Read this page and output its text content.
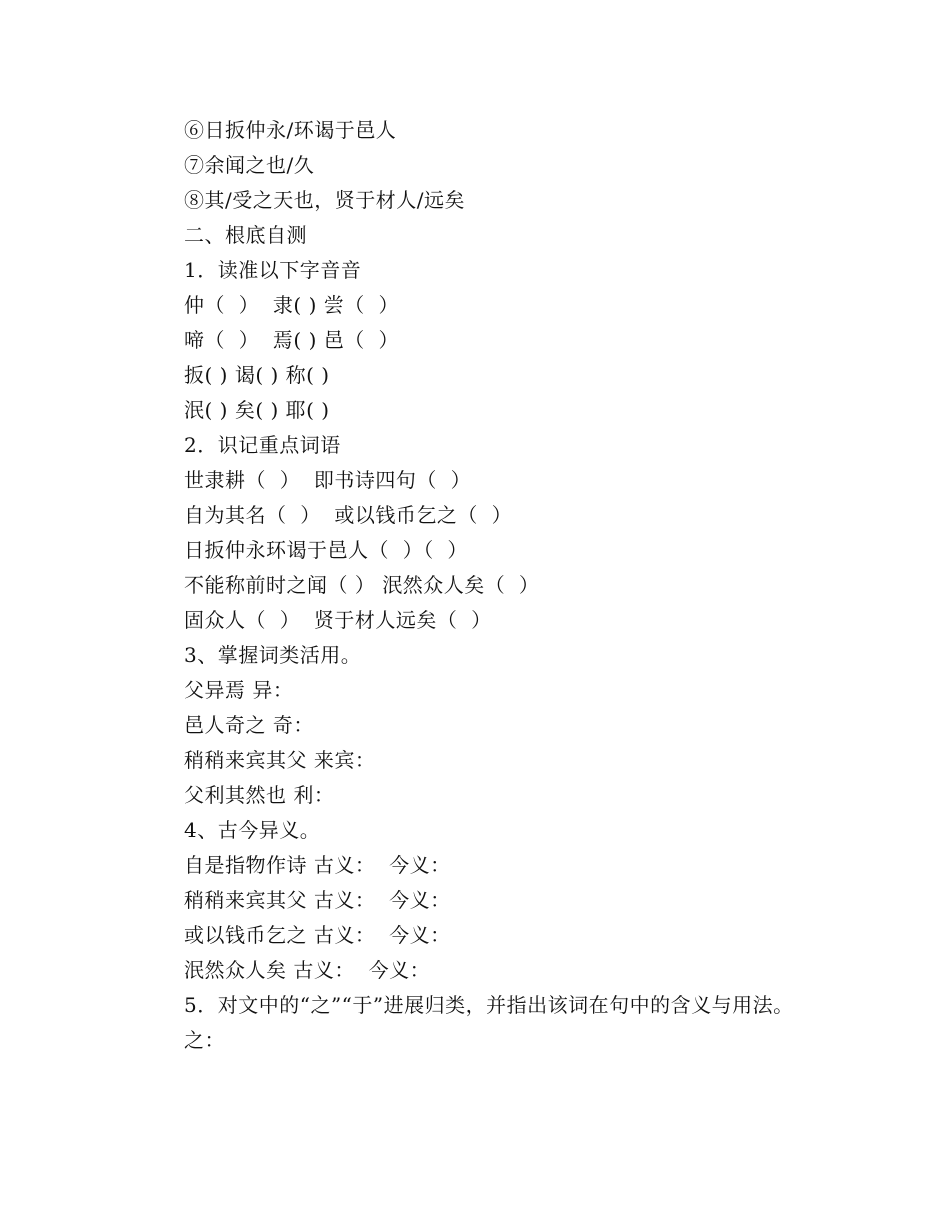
⑥日扳仲永/环谒于邑人
⑦余闻之也/久
⑧其/受之天也，贤于材人/远矣
二、根底自测
1．读准以下字音音
仲（  ）  隶( ) 尝（  ）
啼（  ）  焉( ) 邑（  ）
扳( ) 谒( ) 称( )
泯( ) 矣( ) 耶( )
2．识记重点词语
世隶耕（  ）  即书诗四句（  ）
自为其名（  ）  或以钱币乞之（  ）
日扳仲永环谒于邑人（  ）（  ）
不能称前时之闻（ ） 泯然众人矣（  ）
固众人（  ）  贤于材人远矣（  ）
3、掌握词类活用。
父异焉 异：
邑人奇之 奇：
稍稍来宾其父 来宾：
父利其然也 利：
4、古今异义。
自是指物作诗 古义：  今义：
稍稍来宾其父 古义：  今义：
或以钱币乞之 古义：  今义：
泯然众人矣 古义：  今义：
5．对文中的“之”“于”进展归类，并指出该词在句中的含义与用法。
之：
